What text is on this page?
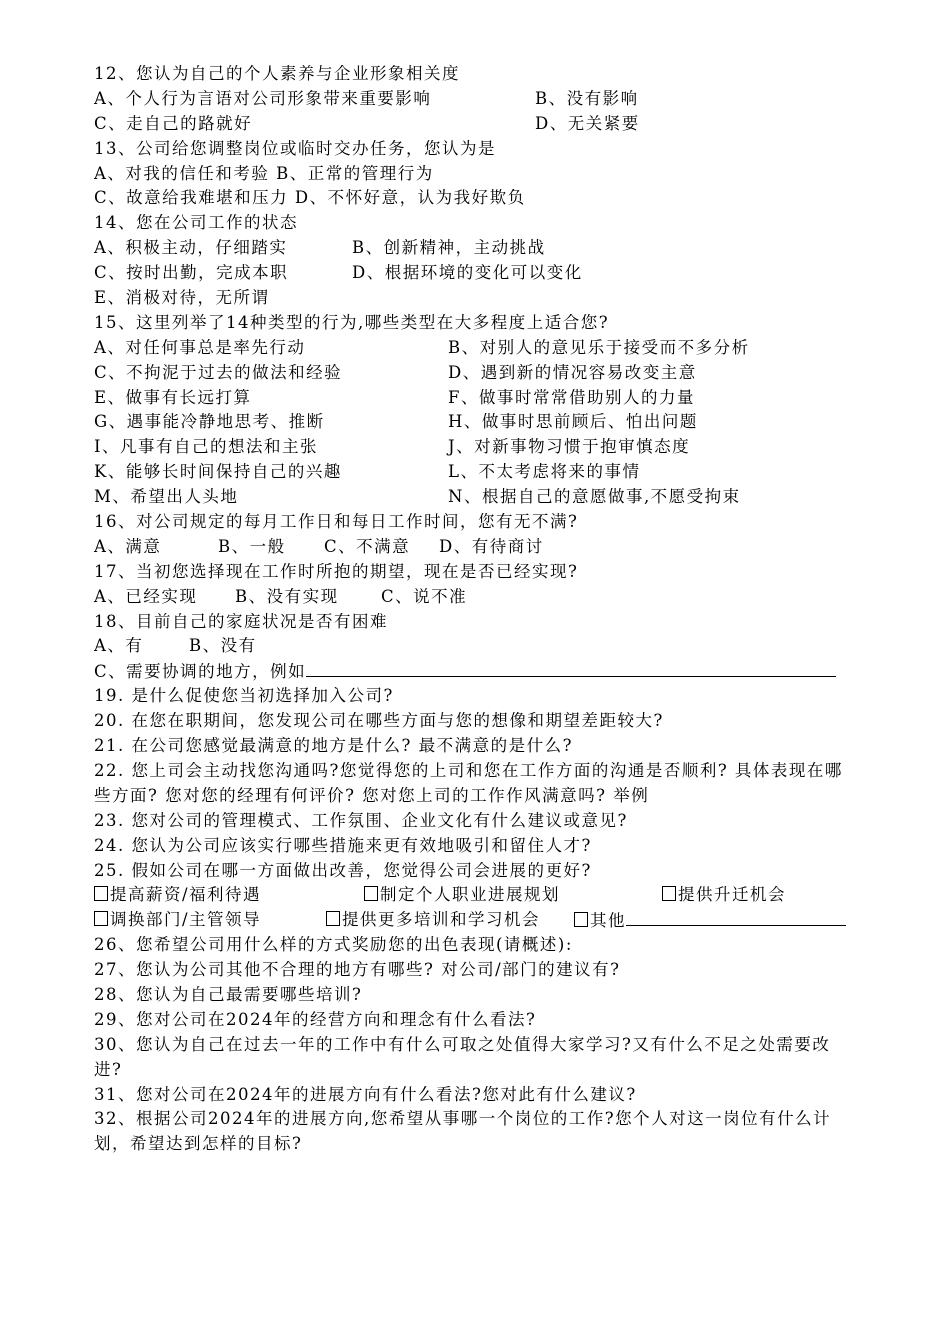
12、您认为自己的个人素养与企业形象相关度
A、个人行为言语对公司形象带来重要影响	B、没有影响
C、走自己的路就好	D、无关紧要
13、公司给您调整岗位或临时交办任务，您认为是
A、对我的信任和考验 B、正常的管理行为
C、故意给我难堪和压力 D、不怀好意，认为我好欺负
14、您在公司工作的状态
A、积极主动，仔细踏实	B、创新精神，主动挑战
C、按时出勤，完成本职	D、根据环境的变化可以变化
E、消极对待，无所谓
15、这里列举了14种类型的行为,哪些类型在大多程度上适合您?
A、对任何事总是率先行动	B、对别人的意见乐于接受而不多分析
C、不拘泥于过去的做法和经验	D、遇到新的情况容易改变主意
E、做事有长远打算	F、做事时常常借助别人的力量
G、遇事能冷静地思考、推断	H、做事时思前顾后、怕出问题
I、凡事有自己的想法和主张	J、对新事物习惯于抱审慎态度
K、能够长时间保持自己的兴趣	L、不太考虑将来的事情
M、希望出人头地	N、根据自己的意愿做事,不愿受拘束
16、对公司规定的每月工作日和每日工作时间，您有无不满?
A、满意	B、一般 C、不满意 D、有待商讨
17、当初您选择现在工作时所抱的期望，现在是否已经实现?
A、已经实现 B、没有实现	C、说不准
18、目前自己的家庭状况是否有困难
A、有	B、没有
C、需要协调的地方，例如
19. 是什么促使您当初选择加入公司?
20. 在您在职期间，您发现公司在哪些方面与您的想像和期望差距较大?
21. 在公司您感觉最满意的地方是什么? 最不满意的是什么?
22. 您上司会主动找您沟通吗?您觉得您的上司和您在工作方面的沟通是否顺利? 具体表现在哪些方面? 您对您的经理有何评价? 您对您上司的工作作风满意吗? 举例
23. 您对公司的管理模式、工作氛围、企业文化有什么建议或意见?
24. 您认为公司应该实行哪些措施来更有效地吸引和留住人才?
25. 假如公司在哪一方面做出改善，您觉得公司会进展的更好?
提高薪资/福利待遇	制定个人职业进展规划	提供升迁机会
调换部门/主管领导	提供更多培训和学习机会	其他
26、您希望公司用什么样的方式奖励您的出色表现(请概述):
27、您认为公司其他不合理的地方有哪些? 对公司/部门的建议有?
28、您认为自己最需要哪些培训?
29、您对公司在2024年的经营方向和理念有什么看法?
30、您认为自己在过去一年的工作中有什么可取之处值得大家学习?又有什么不足之处需要改进?
31、您对公司在2024年的进展方向有什么看法?您对此有什么建议?
32、根据公司2024年的进展方向,您希望从事哪一个岗位的工作?您个人对这一岗位有什么计划，希望达到怎样的目标?
